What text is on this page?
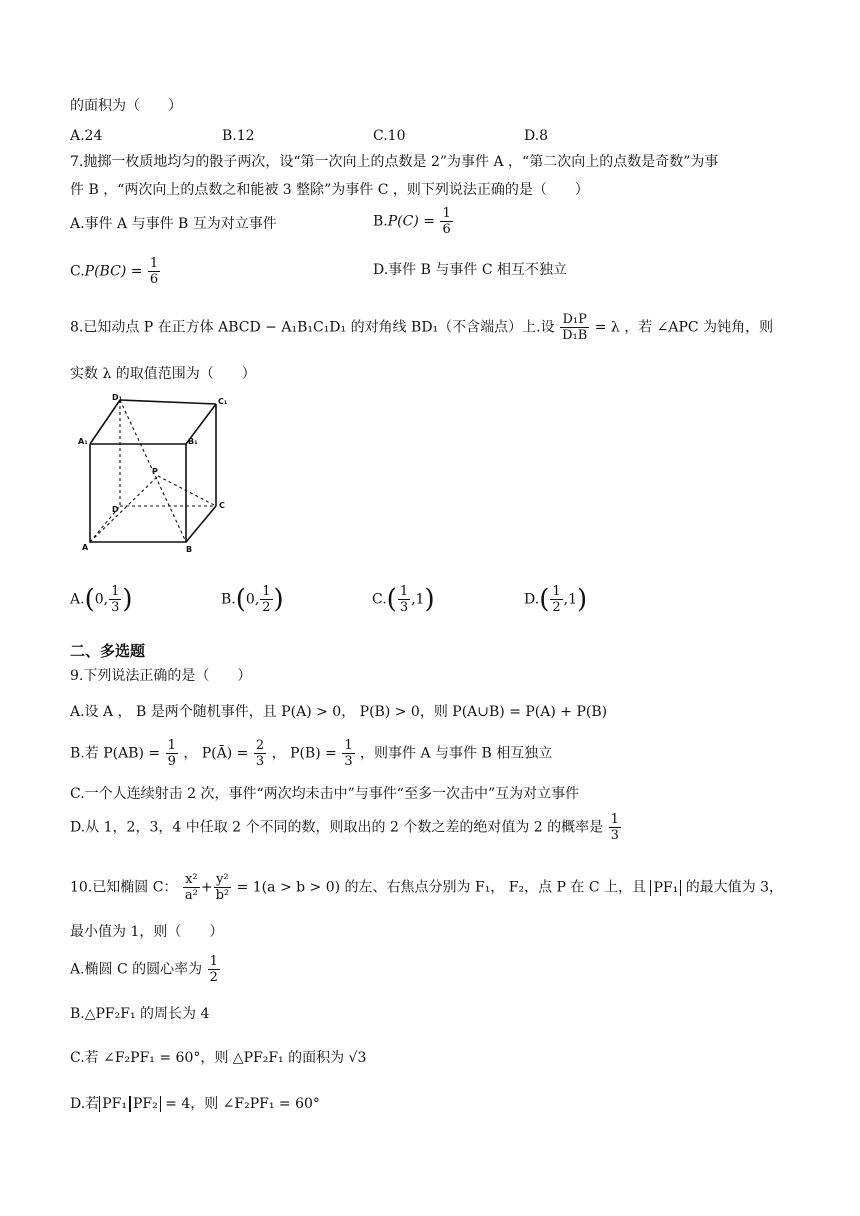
的面积为（　　）
A.24	B.12	C.10	D.8
7.抛掷一枚质地均匀的骰子两次，设“第一次向上的点数是 2”为事件 A ，“第二次向上的点数是奇数”为事
件 B ，“两次向上的点数之和能被 3 整除”为事件 C ，则下列说法正确的是（　　）
A.事件 A 与事件 B 互为对立事件	$B.P(C) = \frac{1}{6}$
$C.P(BC) = \frac{1}{6}$	D.事件 B 与事件 C 相互不独立
8.已知动点 P 在正方体 ABCD − A₁B₁C₁D₁ 的对角线 BD₁（不含端点）上.设 $\frac{\text{D₁P}}{\text{D₁B}} = \lambda$ ，若 ∠APC 为钝角，则
实数 λ 的取值范围为（　　）
D₁	C₁
A₁	B₁
D	C
P
A	B
A.(0, $\frac{1}{3}$ )	B.(0, $\frac{1}{2}$ )	$C.( \frac{1}{3} ,1)$	$D.( \frac{1}{2} ,1)$
二、多选题
9.下列说法正确的是（　　）
A.设 A ， B 是两个随机事件，且 P(A) > 0， P(B) > 0，则 P(A∪B) = P(A) + P(B)
B.若 $P(AB) = \frac{1}{9}$ ， P(Ā) = $\frac{2}{3}$ ， $P(B) = \frac{1}{3}$ ，则事件 A 与事件 B 相互独立
C.一个人连续射击 2 次，事件“两次均未击中”与事件“至多一次击中”互为对立事件
D.从 1，2，3，4 中任取 2 个不同的数，则取出的 2 个数之差的绝对值为 2 的概率是 $\frac{1}{3}$
10.已知椭圆 C： $\frac{\text{x²}}{\text{a²}} + \frac{\text{y²}}{\text{b²}} = 1(a > b > 0)$ 的左、右焦点分别为 F₁， F₂，点 P 在 C 上，且 PF₁ 的最大值为 3，
最小值为 1，则（　　）
A.椭圆 C 的圆心率为 $\frac{1}{2}$
B.△PF₂F₁ 的周长为 4
C.若 ∠F₂PF₁ = 60°，则 △PF₂F₁ 的面积为 √3
D.若 PF₁ PF₂ = 4，则 ∠F₂PF₁ = 60°
